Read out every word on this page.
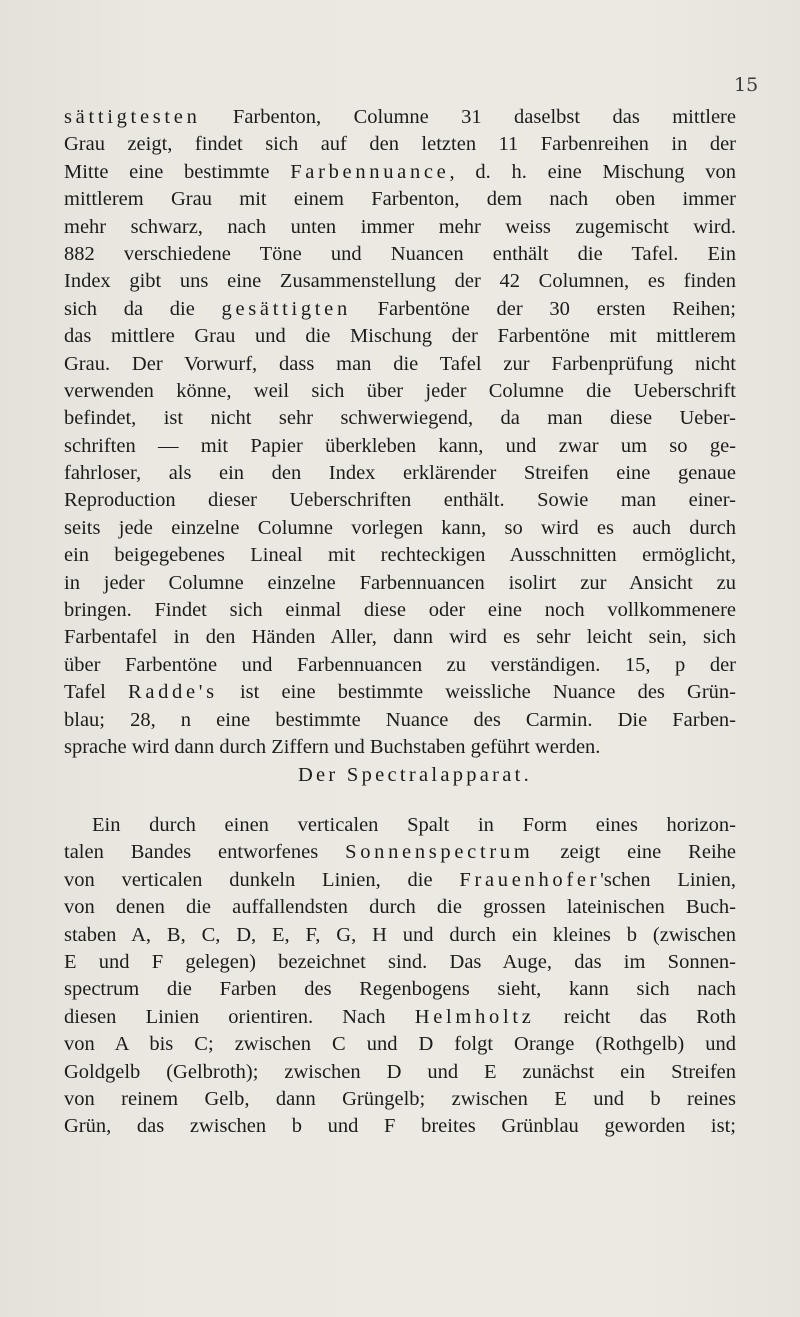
15
sättigtesten Farbenton, Columne 31 daselbst das mittlere
Grau zeigt, findet sich auf den letzten 11 Farbenreihen in der
Mitte eine bestimmte Farbennuance, d. h. eine Mischung von
mittlerem Grau mit einem Farbenton, dem nach oben immer
mehr schwarz, nach unten immer mehr weiss zugemischt wird.
882 verschiedene Töne und Nuancen enthält die Tafel. Ein
Index gibt uns eine Zusammenstellung der 42 Columnen, es finden
sich da die gesättigten Farbentöne der 30 ersten Reihen;
das mittlere Grau und die Mischung der Farbentöne mit mittlerem
Grau. Der Vorwurf, dass man die Tafel zur Farbenprüfung nicht
verwenden könne, weil sich über jeder Columne die Ueberschrift
befindet, ist nicht sehr schwerwiegend, da man diese Ueber-
schriften — mit Papier überkleben kann, und zwar um so ge-
fahrloser, als ein den Index erklärender Streifen eine genaue
Reproduction dieser Ueberschriften enthält. Sowie man einer-
seits jede einzelne Columne vorlegen kann, so wird es auch durch
ein beigegebenes Lineal mit rechteckigen Ausschnitten ermöglicht,
in jeder Columne einzelne Farbennuancen isolirt zur Ansicht zu
bringen. Findet sich einmal diese oder eine noch vollkommenere
Farbentafel in den Händen Aller, dann wird es sehr leicht sein, sich
über Farbentöne und Farbennuancen zu verständigen. 15, p der
Tafel Radde's ist eine bestimmte weissliche Nuance des Grün-
blau; 28, n eine bestimmte Nuance des Carmin. Die Farben-
sprache wird dann durch Ziffern und Buchstaben geführt werden.
Der Spectralapparat.
Ein durch einen verticalen Spalt in Form eines horizon-
talen Bandes entworfenes Sonnenspectrum zeigt eine Reihe
von verticalen dunkeln Linien, die Frauenhofer'schen Linien,
von denen die auffallendsten durch die grossen lateinischen Buch-
staben A, B, C, D, E, F, G, H und durch ein kleines b (zwischen
E und F gelegen) bezeichnet sind. Das Auge, das im Sonnen-
spectrum die Farben des Regenbogens sieht, kann sich nach
diesen Linien orientiren. Nach Helmholtz reicht das Roth
von A bis C; zwischen C und D folgt Orange (Rothgelb) und
Goldgelb (Gelbroth); zwischen D und E zunächst ein Streifen
von reinem Gelb, dann Grüngelb; zwischen E und b reines
Grün, das zwischen b und F breites Grünblau geworden ist;
